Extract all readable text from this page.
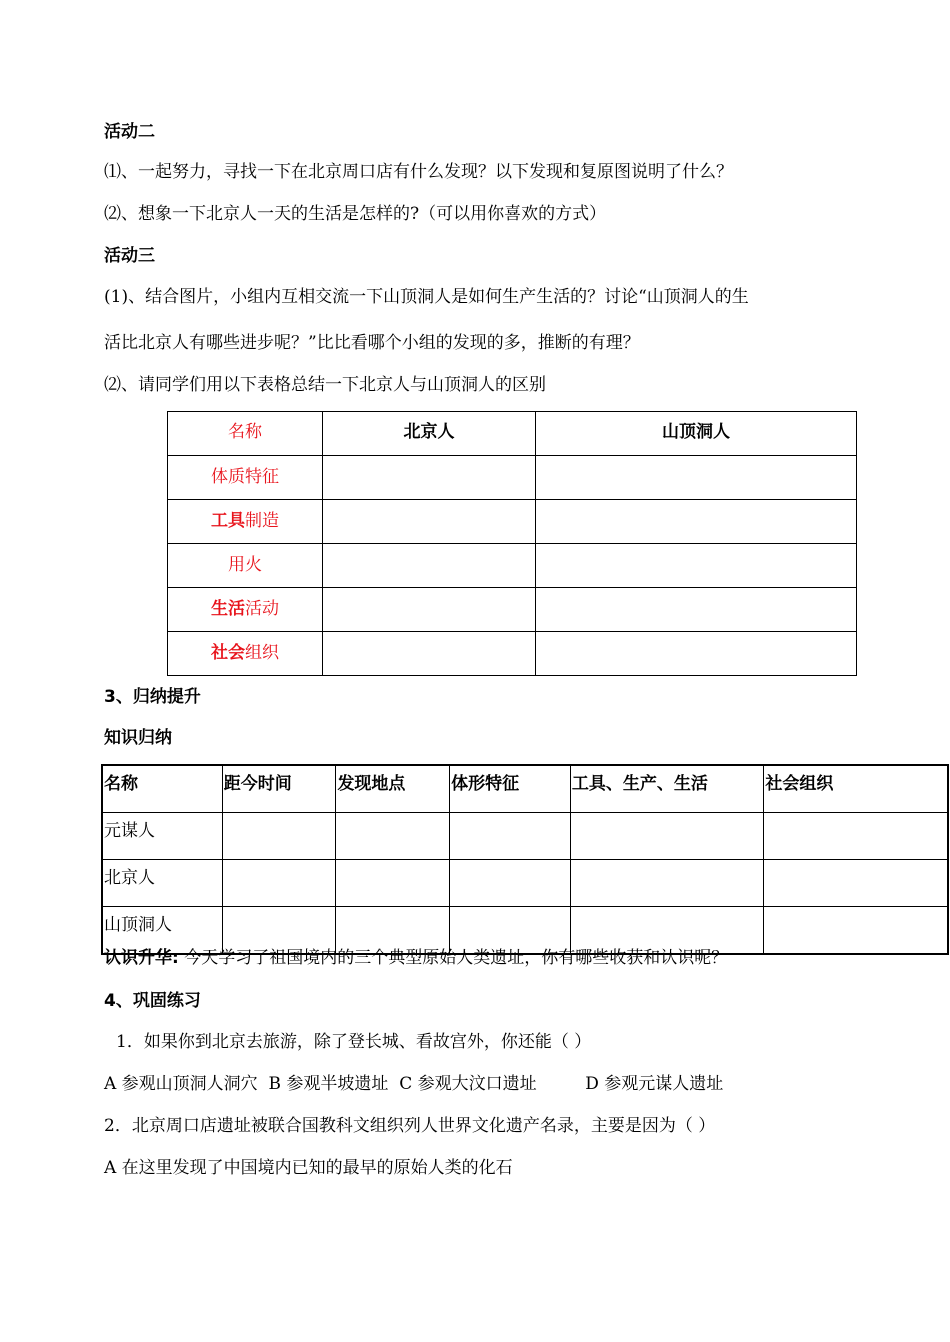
活动二
⑴、一起努力，寻找一下在北京周口店有什么发现？以下发现和复原图说明了什么？
⑵、想象一下北京人一天的生活是怎样的?（可以用你喜欢的方式）
活动三
(1)、结合图片，小组内互相交流一下山顶洞人是如何生产生活的？讨论“山顶洞人的生
活比北京人有哪些进步呢？”比比看哪个小组的发现的多，推断的有理？
⑵、请同学们用以下表格总结一下北京人与山顶洞人的区别
名称	北京人	山顶洞人
体质特征		
工具制造		
用火		
生活活动		
社会组织		
3、归纳提升
知识归纳
名称	距今时间	发现地点	体形特征	工具、生产、生活	社会组织
元谋人					
北京人					
山顶洞人					
认识升华: 今天学习了祖国境内的三个典型原始人类遗址，你有哪些收获和认识呢？
4、巩固练习
1．如果你到北京去旅游，除了登长城、看故宫外，你还能（ ）
A 参观山顶洞人洞穴  B 参观半坡遗址  C 参观大汶口遗址         D 参观元谋人遗址
2．北京周口店遗址被联合国教科文组织列人世界文化遗产名录，主要是因为（ ）
A 在这里发现了中国境内已知的最早的原始人类的化石
